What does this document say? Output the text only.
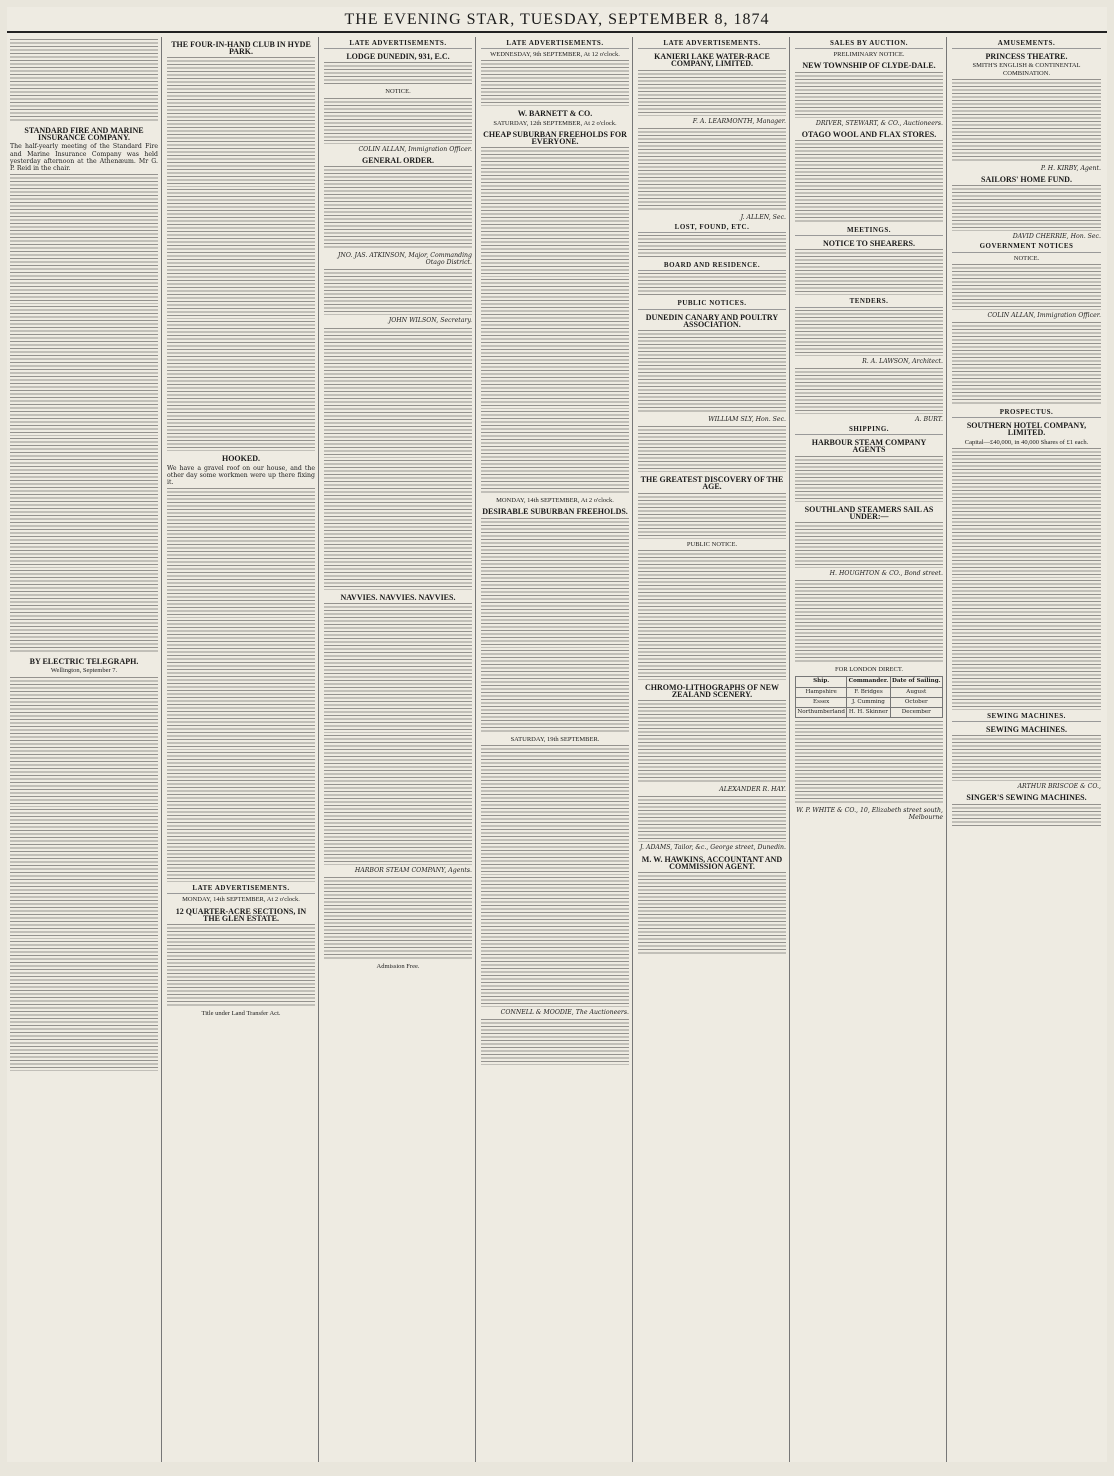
THE EVENING STAR, TUESDAY, SEPTEMBER 8, 1874
STANDARD FIRE AND MARINE INSURANCE COMPANY.
The half-yearly meeting of the Standard Fire and Marine Insurance Company was held yesterday afternoon at the Athenæum. Mr G. P. Reid in the chair.
BY ELECTRIC TELEGRAPH.
Wellington, September 7.
THE FOUR-IN-HAND CLUB IN HYDE PARK.
HOOKED.
We have a gravel roof on our house, and the other day some workmen were up there fixing it.
LATE ADVERTISEMENTS.
MONDAY, 14th SEPTEMBER, At 2 o'clock.
12 QUARTER-ACRE SECTIONS, IN THE GLEN ESTATE.
Title under Land Transfer Act.
LATE ADVERTISEMENTS.
LODGE DUNEDIN, 931, E.C.
NOTICE.
COLIN ALLAN, Immigration Officer.
GENERAL ORDER.
JNO. JAS. ATKINSON, Major, Commanding Otago District.
JOHN WILSON, Secretary.
NAVVIES. NAVVIES. NAVVIES.
HARBOR STEAM COMPANY, Agents.
Admission Free.
LATE ADVERTISEMENTS.
WEDNESDAY, 9th SEPTEMBER, At 12 o'clock.
W. BARNETT & CO.
SATURDAY, 12th SEPTEMBER, At 2 o'clock.
CHEAP SUBURBAN FREEHOLDS FOR EVERYONE.
MONDAY, 14th SEPTEMBER, At 2 o'clock.
DESIRABLE SUBURBAN FREEHOLDS.
SATURDAY, 19th SEPTEMBER.
CONNELL & MOODIE, The Auctioneers.
LATE ADVERTISEMENTS.
KANIERI LAKE WATER-RACE COMPANY, LIMITED.
F. A. LEARMONTH, Manager.
J. ALLEN, Sec.
LOST, FOUND, ETC.
BOARD AND RESIDENCE.
PUBLIC NOTICES.
DUNEDIN CANARY AND POULTRY ASSOCIATION.
WILLIAM SLY, Hon. Sec.
THE GREATEST DISCOVERY OF THE AGE.
PUBLIC NOTICE.
CHROMO-LITHOGRAPHS OF NEW ZEALAND SCENERY.
ALEXANDER R. HAY.
J. ADAMS, Tailor, &c., George street, Dunedin.
M. W. HAWKINS, ACCOUNTANT AND COMMISSION AGENT.
SALES BY AUCTION.
PRELIMINARY NOTICE.
NEW TOWNSHIP OF CLYDE-DALE.
DRIVER, STEWART, & CO., Auctioneers.
OTAGO WOOL AND FLAX STORES.
MEETINGS.
NOTICE TO SHEARERS.
TENDERS.
R. A. LAWSON, Architect.
A. BURT.
SHIPPING.
HARBOUR STEAM COMPANY AGENTS
SOUTHLAND STEAMERS SAIL AS UNDER:—
H. HOUGHTON & CO., Bond street.
FOR LONDON DIRECT.
Ship.	Commander.	Date of Sailing.
Hampshire	F. Bridges	August
Essex	J. Cumming	October
Northumberland	H. H. Skinner	December
W. P. WHITE & CO., 10, Elizabeth street south, Melbourne
AMUSEMENTS.
PRINCESS THEATRE.
SMITH'S ENGLISH & CONTINENTAL COMBINATION.
P. H. KIRBY, Agent.
SAILORS' HOME FUND.
DAVID CHERRIE, Hon. Sec.
GOVERNMENT NOTICES
NOTICE.
COLIN ALLAN, Immigration Officer.
PROSPECTUS.
SOUTHERN HOTEL COMPANY, LIMITED.
Capital—£40,000, in 40,000 Shares of £1 each.
SEWING MACHINES.
SEWING MACHINES.
ARTHUR BRISCOE & CO.,
SINGER'S SEWING MACHINES.
